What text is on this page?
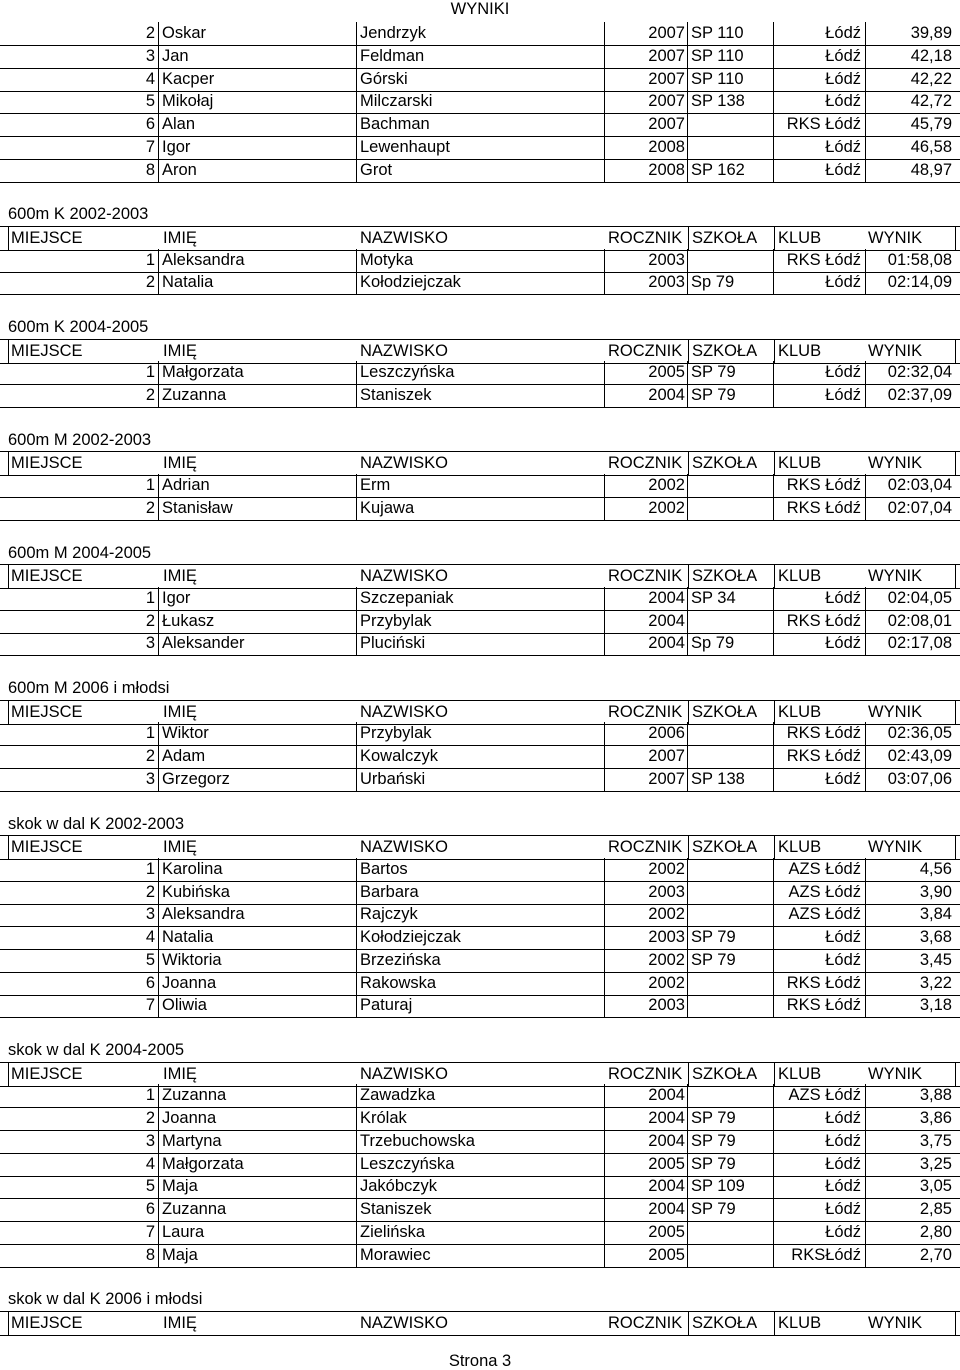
WYNIKI
2 Oskar	Jendrzyk	2007 SP 110	Łódź	39,89
3 Jan	Feldman	2007 SP 110	Łódź	42,18
4 Kacper	Górski	2007 SP 110	Łódź	42,22
5 Mikołaj	Milczarski	2007 SP 138	Łódź	42,72
6 Alan	Bachman	2007	RKS Łódź	45,79
7 Igor	Lewenhaupt	2008	Łódź	46,58
8 Aron	Grot	2008 SP 162	Łódź	48,97
600m K 2002-2003
MIEJSCE	IMIĘ	NAZWISKO	ROCZNIK SZKOŁA	KLUB	WYNIK
1 Aleksandra	Motyka	2003	RKS Łódź	01:58,08
2 Natalia	Kołodziejczak	2003 Sp 79	Łódź	02:14,09
600m K 2004-2005
MIEJSCE	IMIĘ	NAZWISKO	ROCZNIK SZKOŁA	KLUB	WYNIK
1 Małgorzata	Leszczyńska	2005 SP 79	Łódź	02:32,04
2 Zuzanna	Staniszek	2004 SP 79	Łódź	02:37,09
600m M 2002-2003
MIEJSCE	IMIĘ	NAZWISKO	ROCZNIK SZKOŁA	KLUB	WYNIK
1 Adrian	Erm	2002	RKS Łódź	02:03,04
2 Stanisław	Kujawa	2002	RKS Łódź	02:07,04
600m M 2004-2005
MIEJSCE	IMIĘ	NAZWISKO	ROCZNIK SZKOŁA	KLUB	WYNIK
1 Igor	Szczepaniak	2004 SP 34	Łódź	02:04,05
2 Łukasz	Przybylak	2004	RKS Łódź	02:08,01
3 Aleksander	Pluciński	2004 Sp 79	Łódź	02:17,08
600m M 2006 i młodsi
MIEJSCE	IMIĘ	NAZWISKO	ROCZNIK SZKOŁA	KLUB	WYNIK
1 Wiktor	Przybylak	2006	RKS Łódź	02:36,05
2 Adam	Kowalczyk	2007	RKS Łódź	02:43,09
3 Grzegorz	Urbański	2007 SP 138	Łódź	03:07,06
skok w dal K 2002-2003
MIEJSCE	IMIĘ	NAZWISKO	ROCZNIK SZKOŁA	KLUB	WYNIK
1 Karolina	Bartos	2002	AZS Łódź	4,56
2 Kubińska	Barbara	2003	AZS Łódź	3,90
3 Aleksandra	Rajczyk	2002	AZS Łódź	3,84
4 Natalia	Kołodziejczak	2003 SP 79	Łódź	3,68
5 Wiktoria	Brzezińska	2002 SP 79	Łódź	3,45
6 Joanna	Rakowska	2002	RKS Łódź	3,22
7 Oliwia	Paturaj	2003	RKS Łódź	3,18
skok w dal K 2004-2005
MIEJSCE	IMIĘ	NAZWISKO	ROCZNIK SZKOŁA	KLUB	WYNIK
1 Zuzanna	Zawadzka	2004	AZS Łódź	3,88
2 Joanna	Królak	2004 SP 79	Łódź	3,86
3 Martyna	Trzebuchowska	2004 SP 79	Łódź	3,75
4 Małgorzata	Leszczyńska	2005 SP 79	Łódź	3,25
5 Maja	Jakóbczyk	2004 SP 109	Łódź	3,05
6 Zuzanna	Staniszek	2004 SP 79	Łódź	2,85
7 Laura	Zielińska	2005	Łódź	2,80
8 Maja	Morawiec	2005	RKSŁódź	2,70
skok w dal K 2006 i młodsi
MIEJSCE	IMIĘ	NAZWISKO	ROCZNIK SZKOŁA	KLUB	WYNIK
Strona 3
